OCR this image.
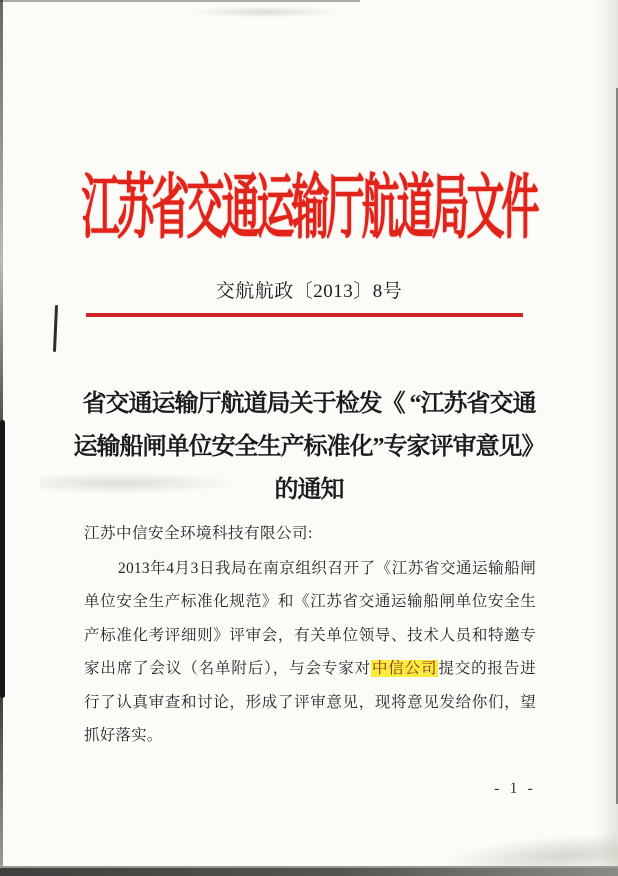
江苏省交通运输厅航道局文件
交航航政〔2013〕8号
省交通运输厅航道局关于检发《 “江苏省交通
运输船闸单位安全生产标准化”专家评审意见》
的通知
江苏中信安全环境科技有限公司:
2013年4月3日我局在南京组织召开了《江苏省交通运输船闸
单位安全生产标准化规范》和《江苏省交通运输船闸单位安全生
产标准化考评细则》评审会，有关单位领导、技术人员和特邀专
家出席了会议（名单附后），与会专家对中信公司提交的报告进
行了认真审查和讨论，形成了评审意见，现将意见发给你们，望
抓好落实。
- 1 -
